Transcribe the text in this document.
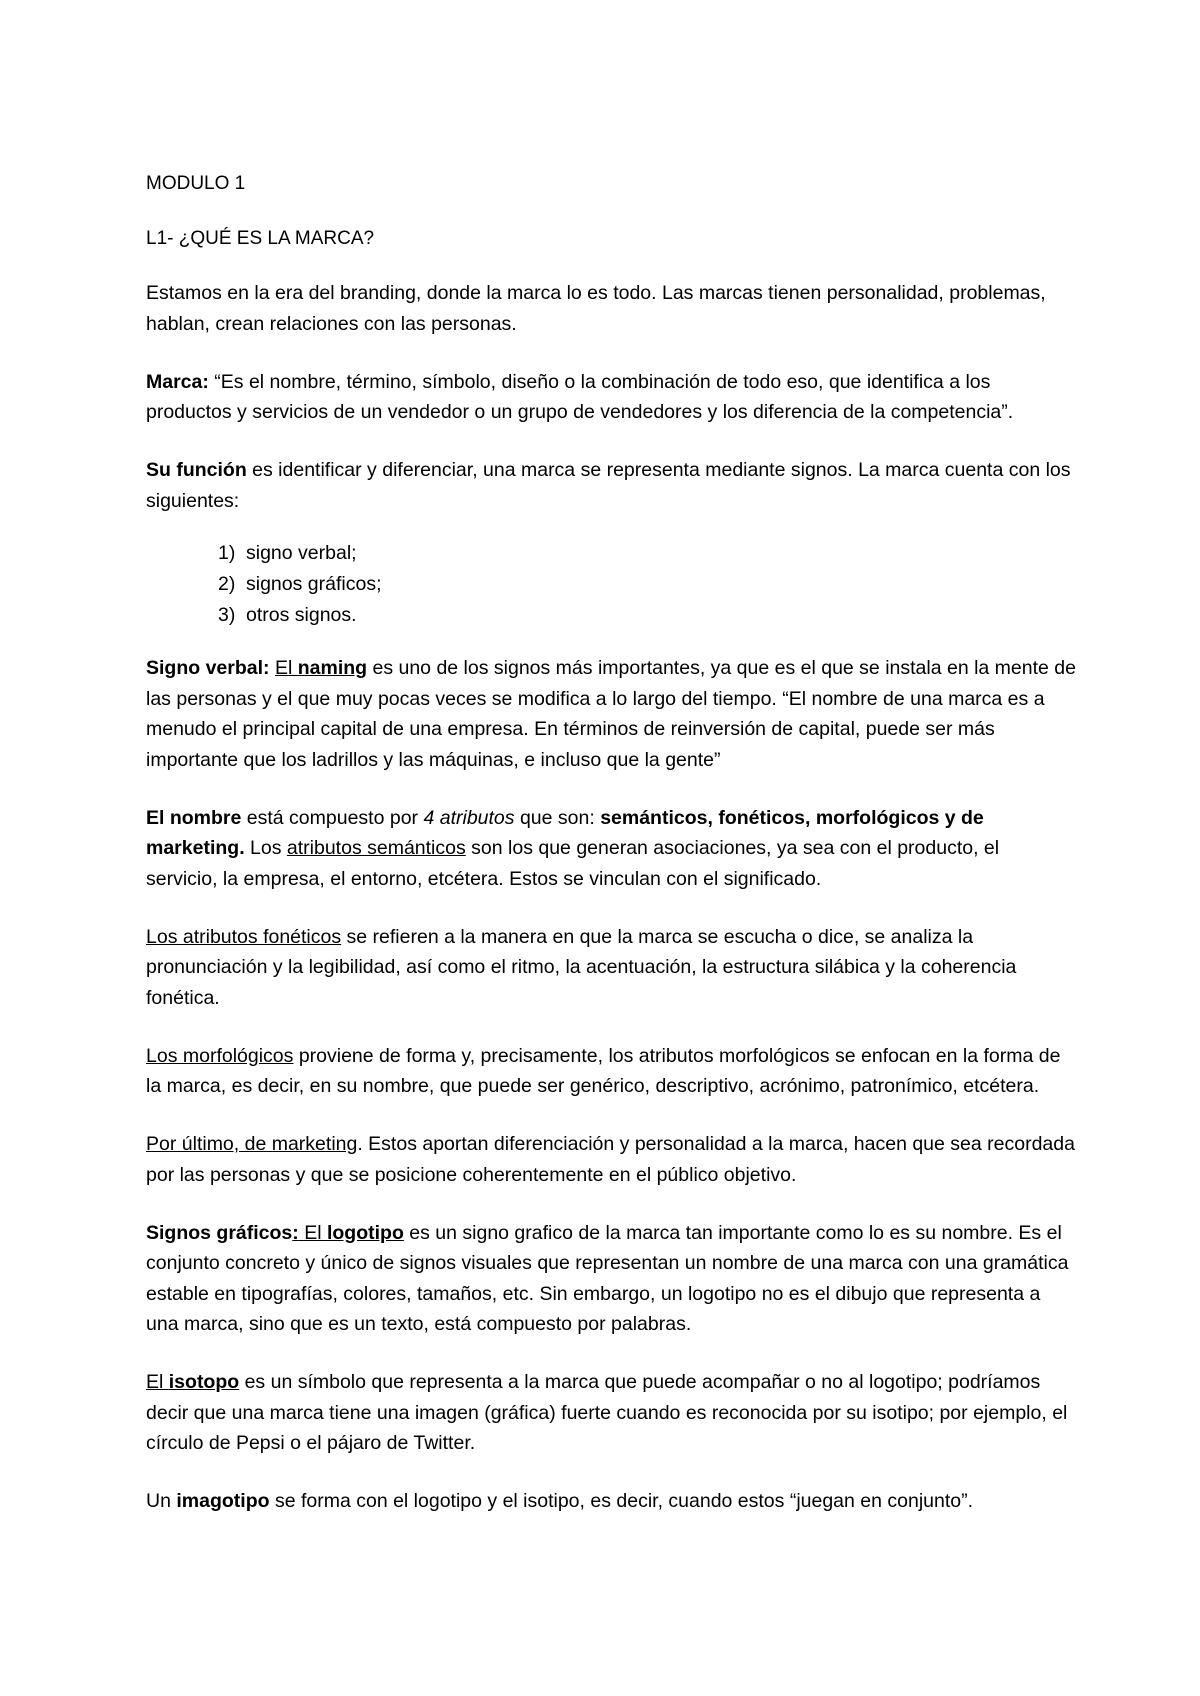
MODULO 1

L1- ¿QUÉ ES LA MARCA?

Estamos en la era del branding, donde la marca lo es todo. Las marcas tienen personalidad, problemas, hablan, crean relaciones con las personas.

Marca: “Es el nombre, término, símbolo, diseño o la combinación de todo eso, que identifica a los productos y servicios de un vendedor o un grupo de vendedores y los diferencia de la competencia”.

Su función es identificar y diferenciar, una marca se representa mediante signos. La marca cuenta con los siguientes:

1) signo verbal;
2) signos gráficos;
3) otros signos.

Signo verbal: El naming es uno de los signos más importantes, ya que es el que se instala en la mente de las personas y el que muy pocas veces se modifica a lo largo del tiempo. “El nombre de una marca es a menudo el principal capital de una empresa. En términos de reinversión de capital, puede ser más importante que los ladrillos y las máquinas, e incluso que la gente”

El nombre está compuesto por 4 atributos que son: semánticos, fonéticos, morfológicos y de marketing. Los atributos semánticos son los que generan asociaciones, ya sea con el producto, el servicio, la empresa, el entorno, etcétera. Estos se vinculan con el significado.

Los atributos fonéticos se refieren a la manera en que la marca se escucha o dice, se analiza la pronunciación y la legibilidad, así como el ritmo, la acentuación, la estructura silábica y la coherencia fonética.

Los morfológicos proviene de forma y, precisamente, los atributos morfológicos se enfocan en la forma de la marca, es decir, en su nombre, que puede ser genérico, descriptivo, acrónimo, patronímico, etcétera.

Por último, de marketing. Estos aportan diferenciación y personalidad a la marca, hacen que sea recordada por las personas y que se posicione coherentemente en el público objetivo.

Signos gráficos: El logotipo es un signo grafico de la marca tan importante como lo es su nombre. Es el conjunto concreto y único de signos visuales que representan un nombre de una marca con una gramática estable en tipografías, colores, tamaños, etc. Sin embargo, un logotipo no es el dibujo que representa a una marca, sino que es un texto, está compuesto por palabras.

El isotopo es un símbolo que representa a la marca que puede acompañar o no al logotipo; podríamos decir que una marca tiene una imagen (gráfica) fuerte cuando es reconocida por su isotipo; por ejemplo, el círculo de Pepsi o el pájaro de Twitter.

Un imagotipo se forma con el logotipo y el isotipo, es decir, cuando estos “juegan en conjunto”.
